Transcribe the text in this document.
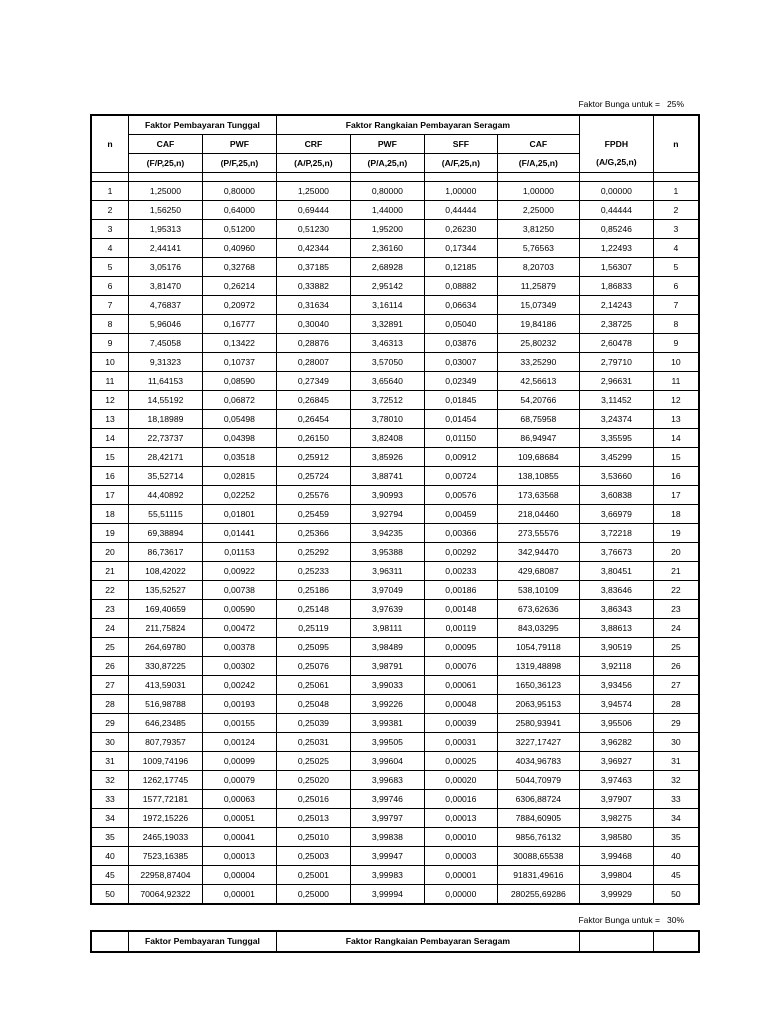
Faktor Bunga untuk = 25%
n	Faktor Pembayaran Tunggal		Faktor Rangkaian Pembayaran Seragam					n
	CAF	PWF	CRF	PWF	SFF	CAF	FPDH	
	(F/P,25,n)	(P/F,25,n)	(A/P,25,n)	(P/A,25,n)	(A/F,25,n)	(F/A,25,n)	(A/G,25,n)	

1	1,25000	0,80000	1,25000	0,80000	1,00000	1,00000	0,00000	1
2	1,56250	0,64000	0,69444	1,44000	0,44444	2,25000	0,44444	2
3	1,95313	0,51200	0,51230	1,95200	0,26230	3,81250	0,85246	3
4	2,44141	0,40960	0,42344	2,36160	0,17344	5,76563	1,22493	4
5	3,05176	0,32768	0,37185	2,68928	0,12185	8,20703	1,56307	5
6	3,81470	0,26214	0,33882	2,95142	0,08882	11,25879	1,86833	6
7	4,76837	0,20972	0,31634	3,16114	0,06634	15,07349	2,14243	7
8	5,96046	0,16777	0,30040	3,32891	0,05040	19,84186	2,38725	8
9	7,45058	0,13422	0,28876	3,46313	0,03876	25,80232	2,60478	9
10	9,31323	0,10737	0,28007	3,57050	0,03007	33,25290	2,79710	10
11	11,64153	0,08590	0,27349	3,65640	0,02349	42,56613	2,96631	11
12	14,55192	0,06872	0,26845	3,72512	0,01845	54,20766	3,11452	12
13	18,18989	0,05498	0,26454	3,78010	0,01454	68,75958	3,24374	13
14	22,73737	0,04398	0,26150	3,82408	0,01150	86,94947	3,35595	14
15	28,42171	0,03518	0,25912	3,85926	0,00912	109,68684	3,45299	15
16	35,52714	0,02815	0,25724	3,88741	0,00724	138,10855	3,53660	16
17	44,40892	0,02252	0,25576	3,90993	0,00576	173,63568	3,60838	17
18	55,51115	0,01801	0,25459	3,92794	0,00459	218,04460	3,66979	18
19	69,38894	0,01441	0,25366	3,94235	0,00366	273,55576	3,72218	19
20	86,73617	0,01153	0,25292	3,95388	0,00292	342,94470	3,76673	20
21	108,42022	0,00922	0,25233	3,96311	0,00233	429,68087	3,80451	21
22	135,52527	0,00738	0,25186	3,97049	0,00186	538,10109	3,83646	22
23	169,40659	0,00590	0,25148	3,97639	0,00148	673,62636	3,86343	23
24	211,75824	0,00472	0,25119	3,98111	0,00119	843,03295	3,88613	24
25	264,69780	0,00378	0,25095	3,98489	0,00095	1054,79118	3,90519	25
26	330,87225	0,00302	0,25076	3,98791	0,00076	1319,48898	3,92118	26
27	413,59031	0,00242	0,25061	3,99033	0,00061	1650,36123	3,93456	27
28	516,98788	0,00193	0,25048	3,99226	0,00048	2063,95153	3,94574	28
29	646,23485	0,00155	0,25039	3,99381	0,00039	2580,93941	3,95506	29
30	807,79357	0,00124	0,25031	3,99505	0,00031	3227,17427	3,96282	30
31	1009,74196	0,00099	0,25025	3,99604	0,00025	4034,96783	3,96927	31
32	1262,17745	0,00079	0,25020	3,99683	0,00020	5044,70979	3,97463	32
33	1577,72181	0,00063	0,25016	3,99746	0,00016	6306,88724	3,97907	33
34	1972,15226	0,00051	0,25013	3,99797	0,00013	7884,60905	3,98275	34
35	2465,19033	0,00041	0,25010	3,99838	0,00010	9856,76132	3,98580	35
40	7523,16385	0,00013	0,25003	3,99947	0,00003	30088,65538	3,99468	40
45	22958,87404	0,00004	0,25001	3,99983	0,00001	91831,49616	3,99804	45
50	70064,92322	0,00001	0,25000	3,99994	0,00000	280255,69286	3,99929	50
Faktor Bunga untuk = 30%
	Faktor Pembayaran Tunggal	Faktor Rangkaian Pembayaran Seragam		
